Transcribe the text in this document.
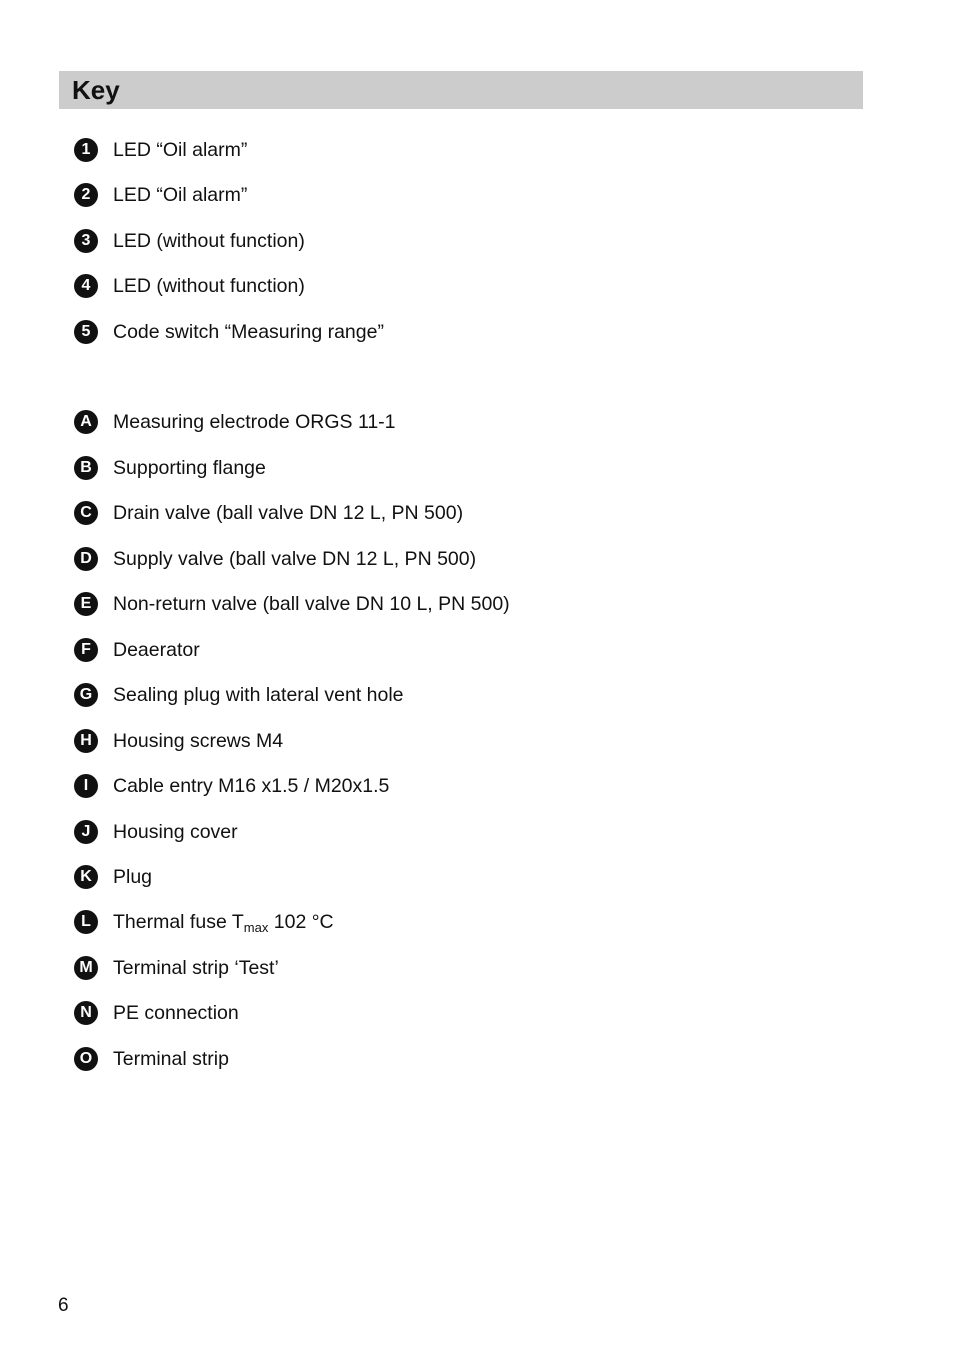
Key
1	LED “Oil alarm”
2	LED “Oil alarm”
3	LED (without function)
4	LED (without function)
5	Code switch “Measuring range”
A	Measuring electrode ORGS 11-1
B	Supporting flange
C	Drain valve (ball valve DN 12 L, PN 500)
D	Supply valve (ball valve DN 12 L, PN 500)
E	Non-return valve (ball valve DN 10 L, PN 500)
F	Deaerator
G Sealing plug with lateral vent hole
H	Housing screws M4
I	Cable entry M16 x1.5 / M20x1.5
J	Housing cover
K	Plug
L	Thermal fuse $T_{max}$ 102 °C
M Terminal strip ‘Test’
N	PE connection
O Terminal strip
6
